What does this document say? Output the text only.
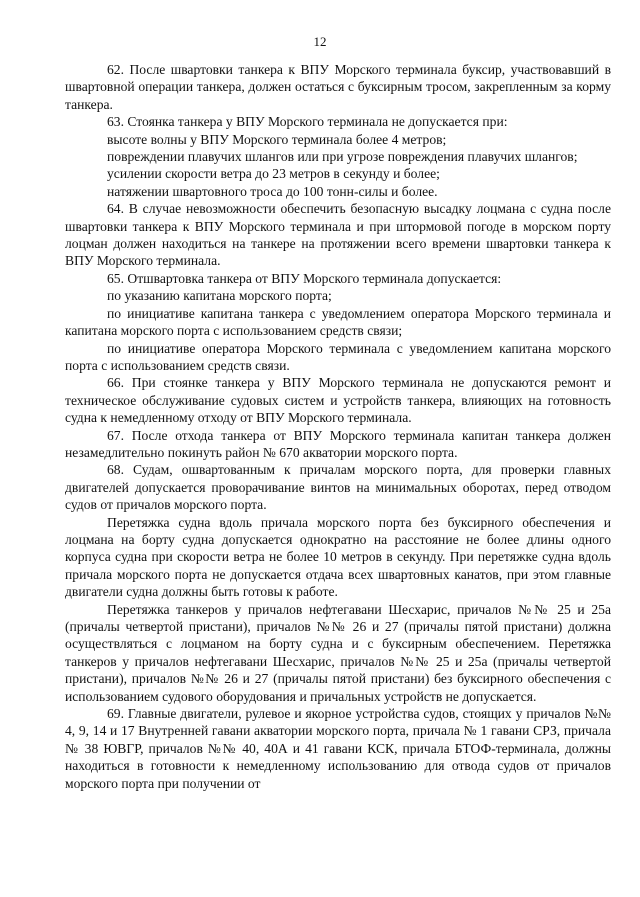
12

62. После швартовки танкера к ВПУ Морского терминала буксир, участвовавший в швартовной операции танкера, должен остаться с буксирным тросом, закрепленным за корму танкера.

63. Стоянка танкера у ВПУ Морского терминала не допускается при:

высоте волны у ВПУ Морского терминала более 4 метров;

повреждении плавучих шлангов или при угрозе повреждения плавучих шлангов;

усилении скорости ветра до 23 метров в секунду и более;

натяжении швартовного троса до 100 тонн-силы и более.

64. В случае невозможности обеспечить безопасную высадку лоцмана с судна после швартовки танкера к ВПУ Морского терминала и при штормовой погоде в морском порту лоцман должен находиться на танкере на протяжении всего времени швартовки танкера к ВПУ Морского терминала.

65. Отшвартовка танкера от ВПУ Морского терминала допускается:

по указанию капитана морского порта;

по инициативе капитана танкера с уведомлением оператора Морского терминала и капитана морского порта с использованием средств связи;

по инициативе оператора Морского терминала с уведомлением капитана морского порта с использованием средств связи.

66. При стоянке танкера у ВПУ Морского терминала не допускаются ремонт и техническое обслуживание судовых систем и устройств танкера, влияющих на готовность судна к немедленному отходу от ВПУ Морского терминала.

67. После отхода танкера от ВПУ Морского терминала капитан танкера должен незамедлительно покинуть район № 670 акватории морского порта.

68. Судам, ошвартованным к причалам морского порта, для проверки главных двигателей допускается проворачивание винтов на минимальных оборотах, перед отводом судов от причалов морского порта.

Перетяжка судна вдоль причала морского порта без буксирного обеспечения и лоцмана на борту судна допускается однократно на расстояние не более длины одного корпуса судна при скорости ветра не более 10 метров в секунду. При перетяжке судна вдоль причала морского порта не допускается отдача всех швартовных канатов, при этом главные двигатели судна должны быть готовы к работе.

Перетяжка танкеров у причалов нефтегавани Шесхарис, причалов №№ 25 и 25а (причалы четвертой пристани), причалов №№ 26 и 27 (причалы пятой пристани) должна осуществляться с лоцманом на борту судна и с буксирным обеспечением. Перетяжка танкеров у причалов нефтегавани Шесхарис, причалов №№ 25 и 25а (причалы четвертой пристани), причалов №№ 26 и 27 (причалы пятой пристани) без буксирного обеспечения с использованием судового оборудования и причальных устройств не допускается.

69. Главные двигатели, рулевое и якорное устройства судов, стоящих у причалов №№ 4, 9, 14 и 17 Внутренней гавани акватории морского порта, причала № 1 гавани СРЗ, причала № 38 ЮВГР, причалов №№ 40, 40А и 41 гавани КСК, причала БТОФ-терминала, должны находиться в готовности к немедленному использованию для отвода судов от причалов морского порта при получении от
